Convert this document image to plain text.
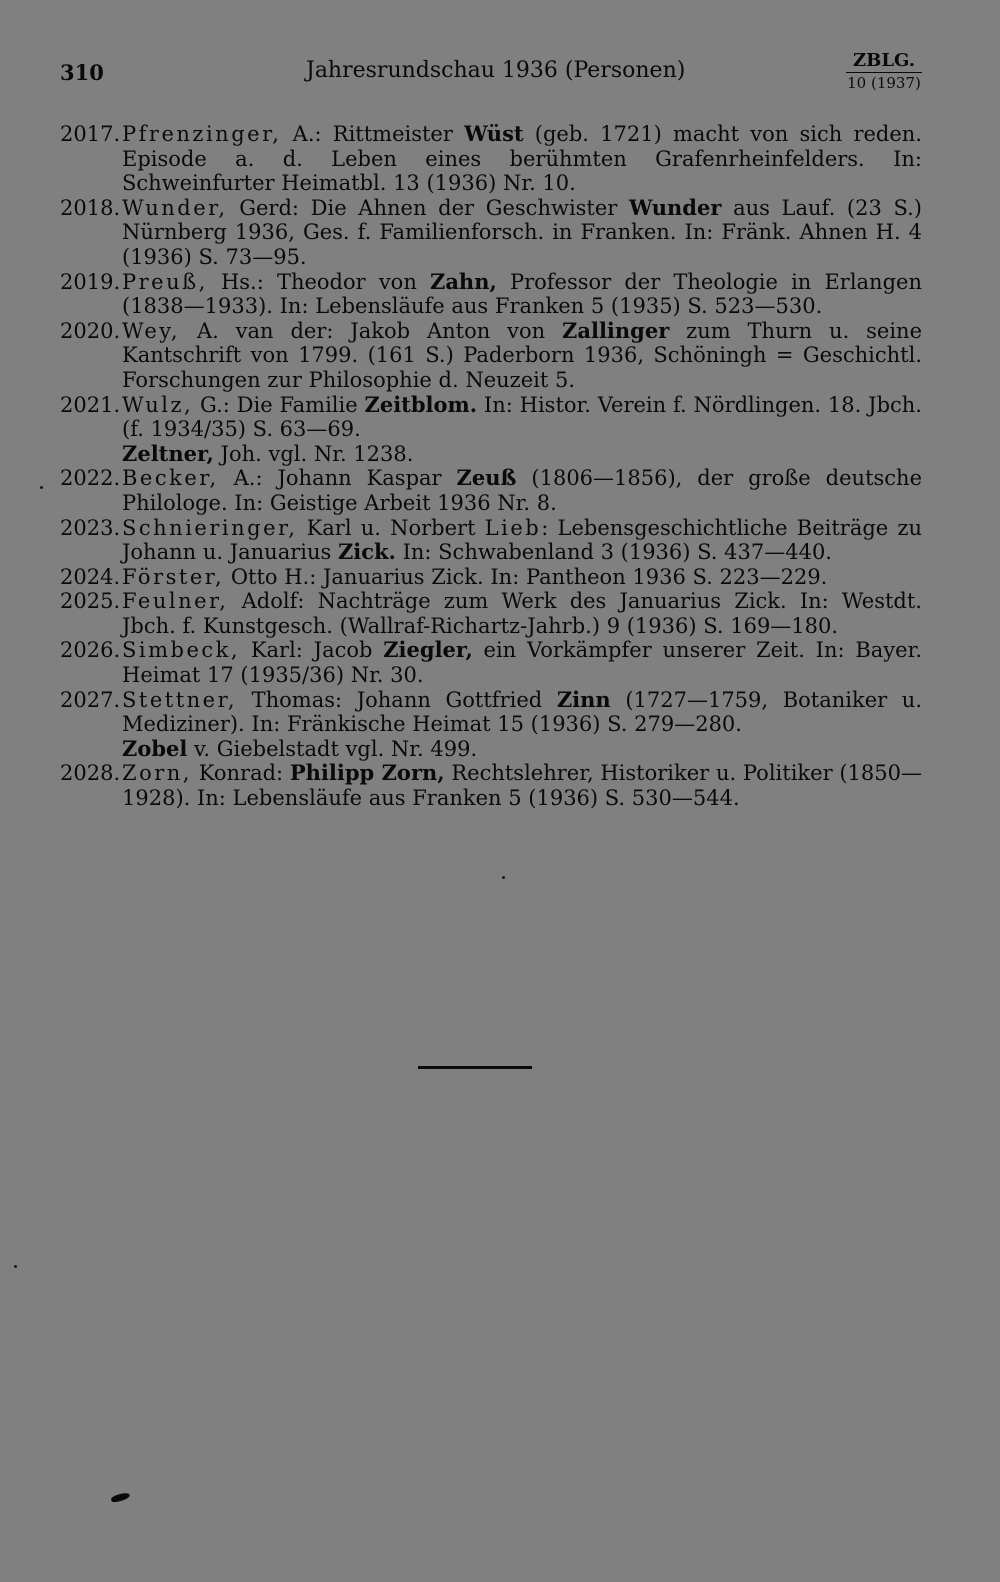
310	Jahresrundschau 1936 (Personen)	ZBLG.
10 (1937)
2017. Pfrenzinger, A.: Rittmeister Wüst (geb. 1721) macht von sich reden. Episode a. d. Leben eines berühmten Grafenrheinfelders. In: Schweinfurter Heimatbl. 13 (1936) Nr. 10.
2018. Wunder, Gerd: Die Ahnen der Geschwister Wunder aus Lauf. (23 S.) Nürnberg 1936, Ges. f. Familienforsch. in Franken. In: Fränk. Ahnen H. 4 (1936) S. 73—95.
2019. Preuß, Hs.: Theodor von Zahn, Professor der Theologie in Erlangen (1838—1933). In: Lebensläufe aus Franken 5 (1935) S. 523—530.
2020. Wey, A. van der: Jakob Anton von Zallinger zum Thurn u. seine Kantschrift von 1799. (161 S.) Paderborn 1936, Schöningh = Geschichtl. Forschungen zur Philosophie d. Neuzeit 5.
2021. Wulz, G.: Die Familie Zeitblom. In: Histor. Verein f. Nördlingen. 18. Jbch. (f. 1934/35) S. 63—69.
Zeltner, Joh. vgl. Nr. 1238.
2022. Becker, A.: Johann Kaspar Zeuß (1806—1856), der große deutsche Philologe. In: Geistige Arbeit 1936 Nr. 8.
2023. Schnieringer, Karl u. Norbert Lieb: Lebensgeschichtliche Beiträge zu Johann u. Januarius Zick. In: Schwabenland 3 (1936) S. 437—440.
2024. Förster, Otto H.: Januarius Zick. In: Pantheon 1936 S. 223—229.
2025. Feulner, Adolf: Nachträge zum Werk des Januarius Zick. In: Westdt. Jbch. f. Kunstgesch. (Wallraf-Richartz-Jahrb.) 9 (1936) S. 169—180.
2026. Simbeck, Karl: Jacob Ziegler, ein Vorkämpfer unserer Zeit. In: Bayer. Heimat 17 (1935/36) Nr. 30.
2027. Stettner, Thomas: Johann Gottfried Zinn (1727—1759, Botaniker u. Mediziner). In: Fränkische Heimat 15 (1936) S. 279—280.
Zobel v. Giebelstadt vgl. Nr. 499.
2028. Zorn, Konrad: Philipp Zorn, Rechtslehrer, Historiker u. Politiker (1850—1928). In: Lebensläufe aus Franken 5 (1936) S. 530—544.
